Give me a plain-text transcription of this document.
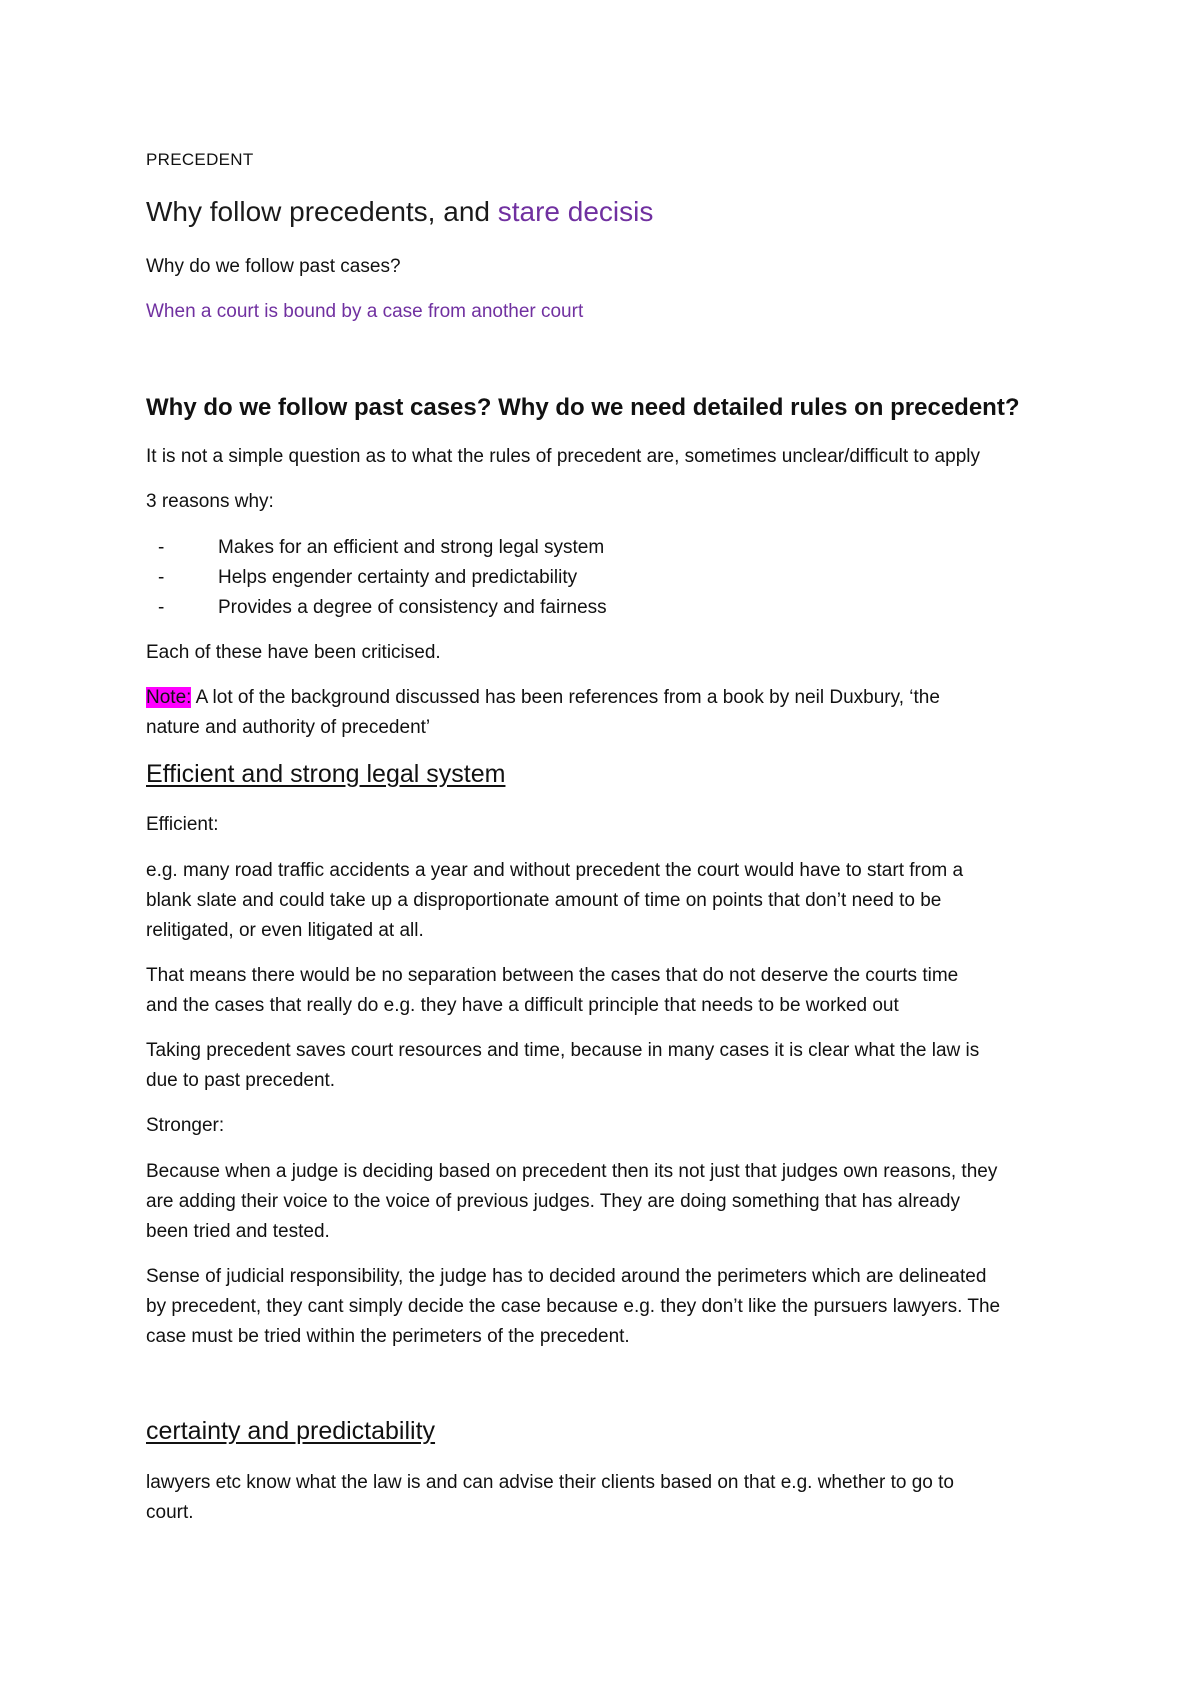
PRECEDENT
Why follow precedents, and stare decisis
Why do we follow past cases?
When a court is bound by a case from another court
Why do we follow past cases? Why do we need detailed rules on precedent?
It is not a simple question as to what the rules of precedent are, sometimes unclear/difficult to apply
3 reasons why:
-	Makes for an efficient and strong legal system
-	Helps engender certainty and predictability
-	Provides a degree of consistency and fairness
Each of these have been criticised.
Note: A lot of the background discussed has been references from a book by neil Duxbury, ‘the
nature and authority of precedent’
Efficient and strong legal system
Efficient:
e.g. many road traffic accidents a year and without precedent the court would have to start from a
blank slate and could take up a disproportionate amount of time on points that don’t need to be
relitigated, or even litigated at all.
That means there would be no separation between the cases that do not deserve the courts time
and the cases that really do e.g. they have a difficult principle that needs to be worked out
Taking precedent saves court resources and time, because in many cases it is clear what the law is
due to past precedent.
Stronger:
Because when a judge is deciding based on precedent then its not just that judges own reasons, they
are adding their voice to the voice of previous judges. They are doing something that has already
been tried and tested.
Sense of judicial responsibility, the judge has to decided around the perimeters which are delineated
by precedent, they cant simply decide the case because e.g. they don’t like the pursuers lawyers. The
case must be tried within the perimeters of the precedent.
certainty and predictability
lawyers etc know what the law is and can advise their clients based on that e.g. whether to go to
court.
